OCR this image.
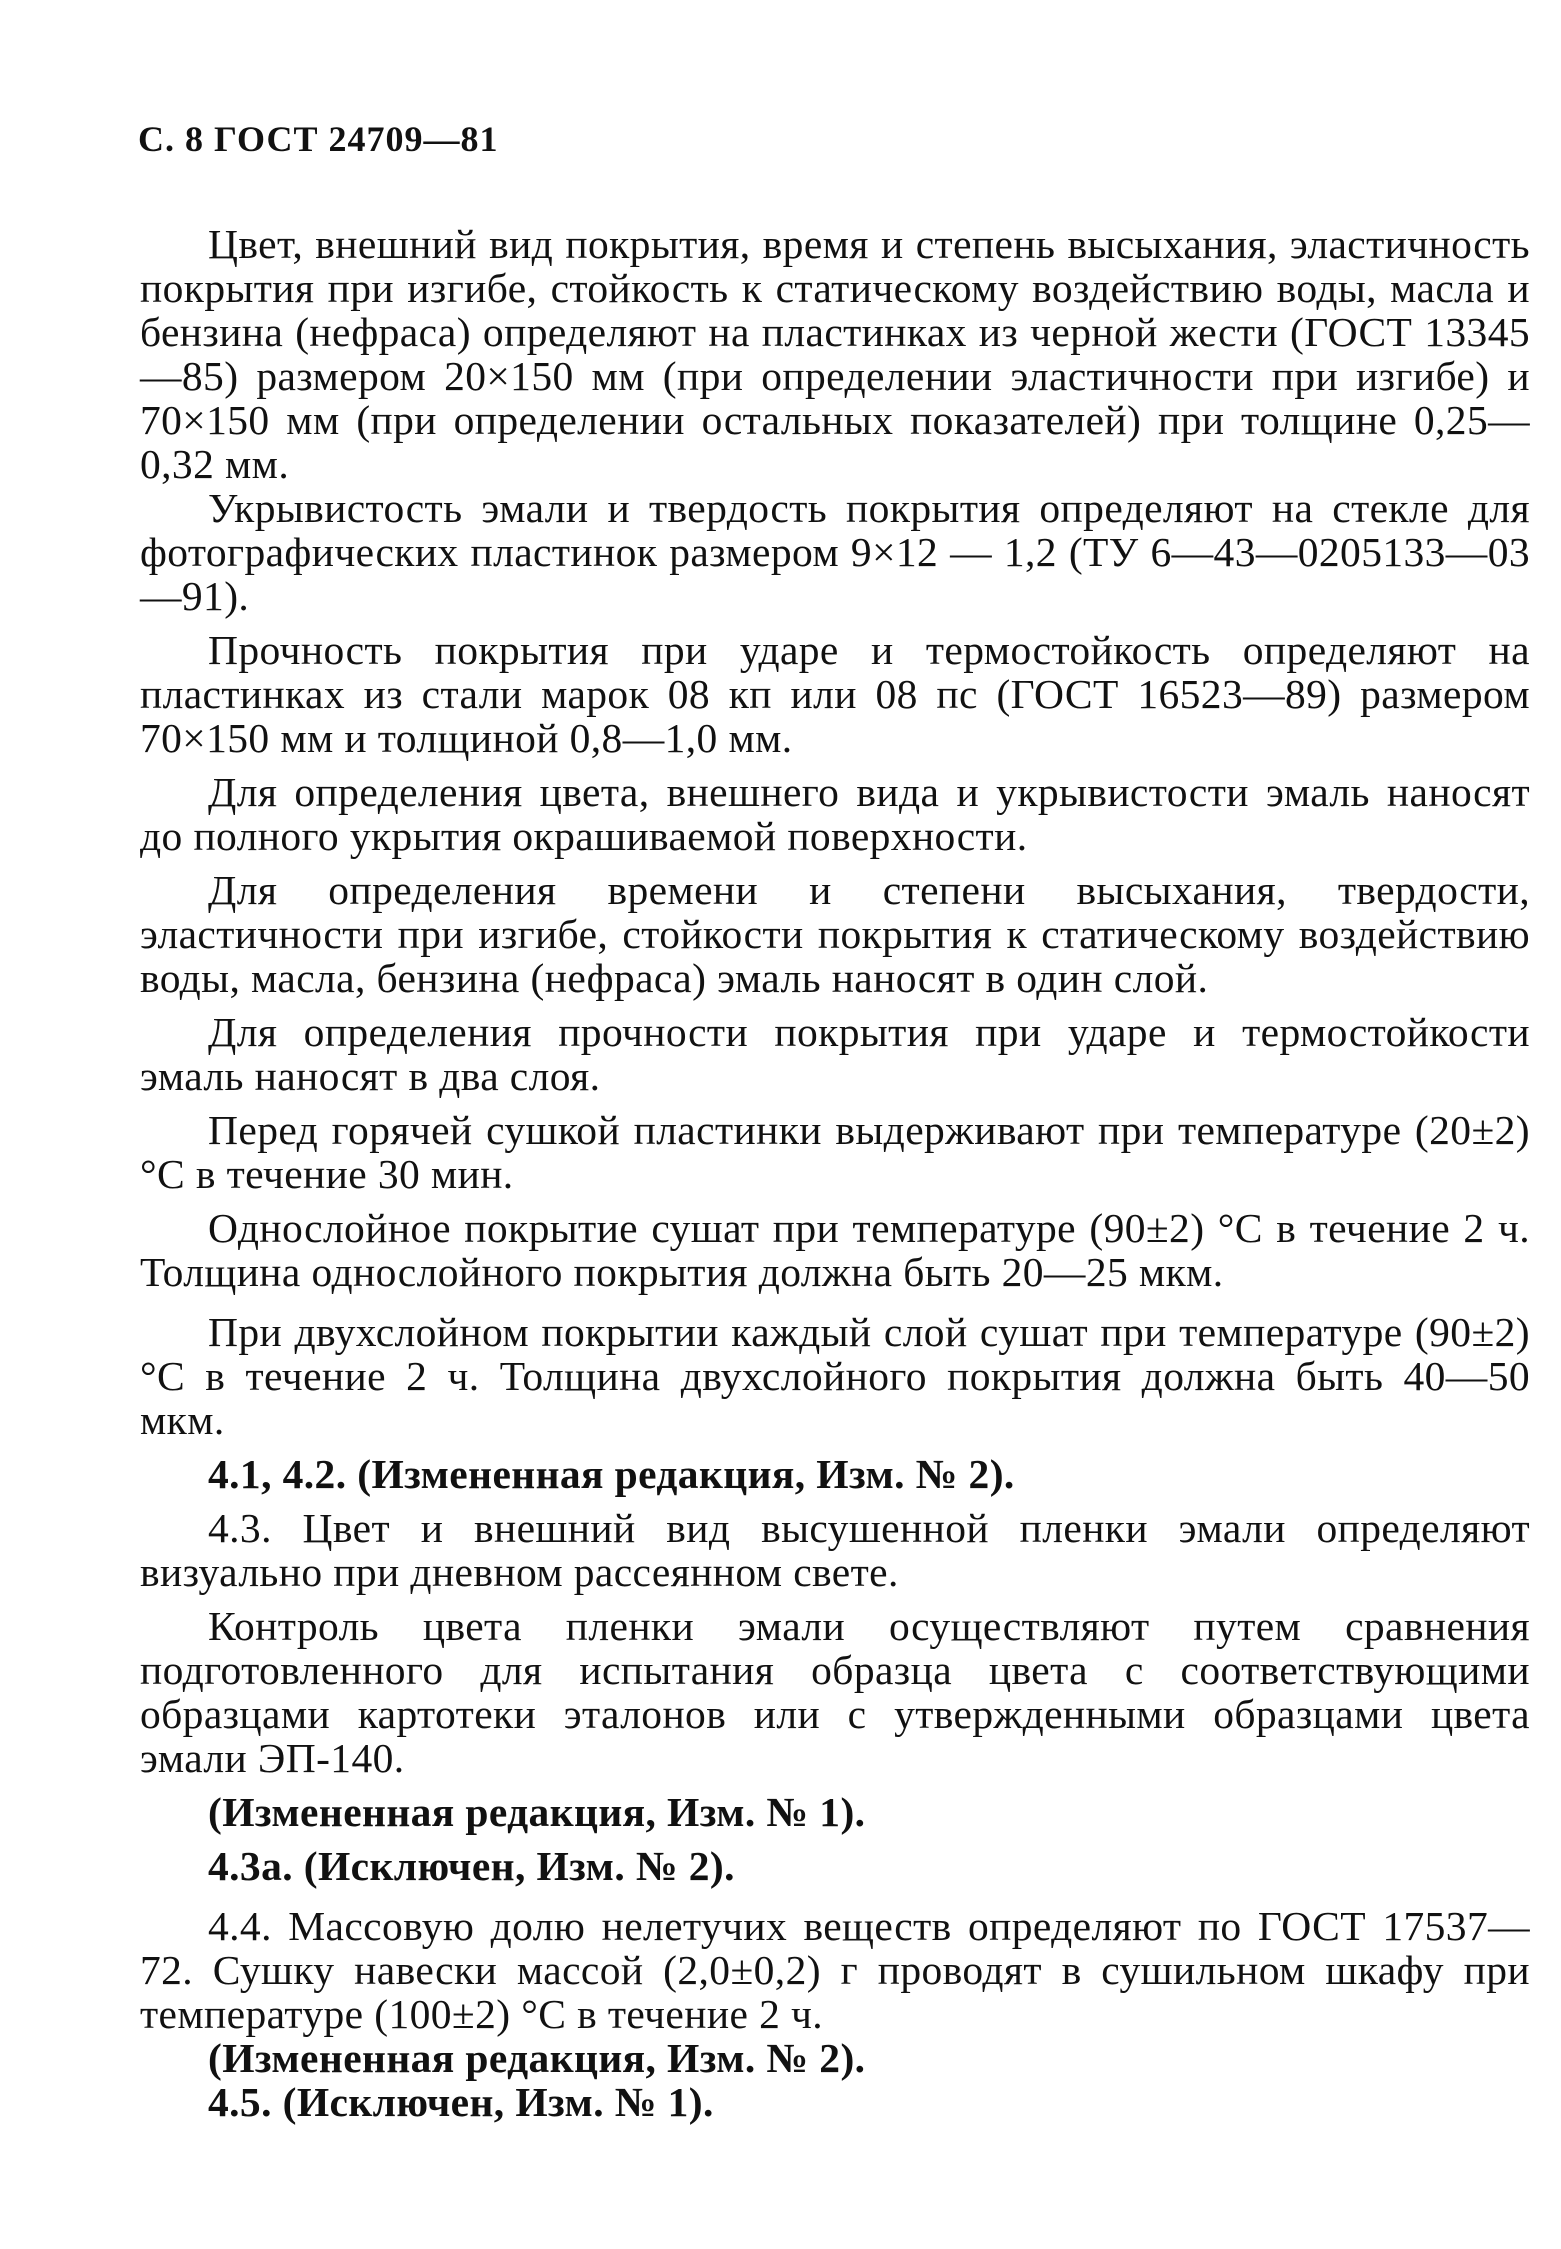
С. 8 ГОСТ 24709—81

Цвет, внешний вид покрытия, время и степень высыхания, эластичность покрытия при изгибе, стойкость к статическому воздействию воды, масла и бензина (нефраса) определяют на пластинках из черной жести (ГОСТ 13345—85) размером 20×150 мм (при определении эластичности при изгибе) и 70×150 мм (при определении остальных показателей) при толщине 0,25—0,32 мм.

Укрывистость эмали и твердость покрытия определяют на стекле для фотографических пластинок размером 9×12 — 1,2 (ТУ 6—43—0205133—03—91).

Прочность покрытия при ударе и термостойкость определяют на пластинках из стали марок 08 кп или 08 пс (ГОСТ 16523—89) размером 70×150 мм и толщиной 0,8—1,0 мм.

Для определения цвета, внешнего вида и укрывистости эмаль наносят до полного укрытия окрашиваемой поверхности.

Для определения времени и степени высыхания, твердости, эластичности при изгибе, стойкости покрытия к статическому воздействию воды, масла, бензина (нефраса) эмаль наносят в один слой.

Для определения прочности покрытия при ударе и термостойкости эмаль наносят в два слоя.

Перед горячей сушкой пластинки выдерживают при температуре (20±2) °С в течение 30 мин.

Однослойное покрытие сушат при температуре (90±2) °С в течение 2 ч. Толщина однослойного покрытия должна быть 20—25 мкм.

При двухслойном покрытии каждый слой сушат при температуре (90±2) °С в течение 2 ч. Толщина двухслойного покрытия должна быть 40—50 мкм.

4.1, 4.2. (Измененная редакция, Изм. № 2).

4.3. Цвет и внешний вид высушенной пленки эмали определяют визуально при дневном рассеянном свете.

Контроль цвета пленки эмали осуществляют путем сравнения подготовленного для испытания образца цвета с соответствующими образцами картотеки эталонов или с утвержденными образцами цвета эмали ЭП-140.

(Измененная редакция, Изм. № 1).

4.3а. (Исключен, Изм. № 2).

4.4. Массовую долю нелетучих веществ определяют по ГОСТ 17537—72. Сушку навески массой (2,0±0,2) г проводят в сушильном шкафу при температуре (100±2) °С в течение 2 ч.

(Измененная редакция, Изм. № 2).

4.5. (Исключен, Изм. № 1).
